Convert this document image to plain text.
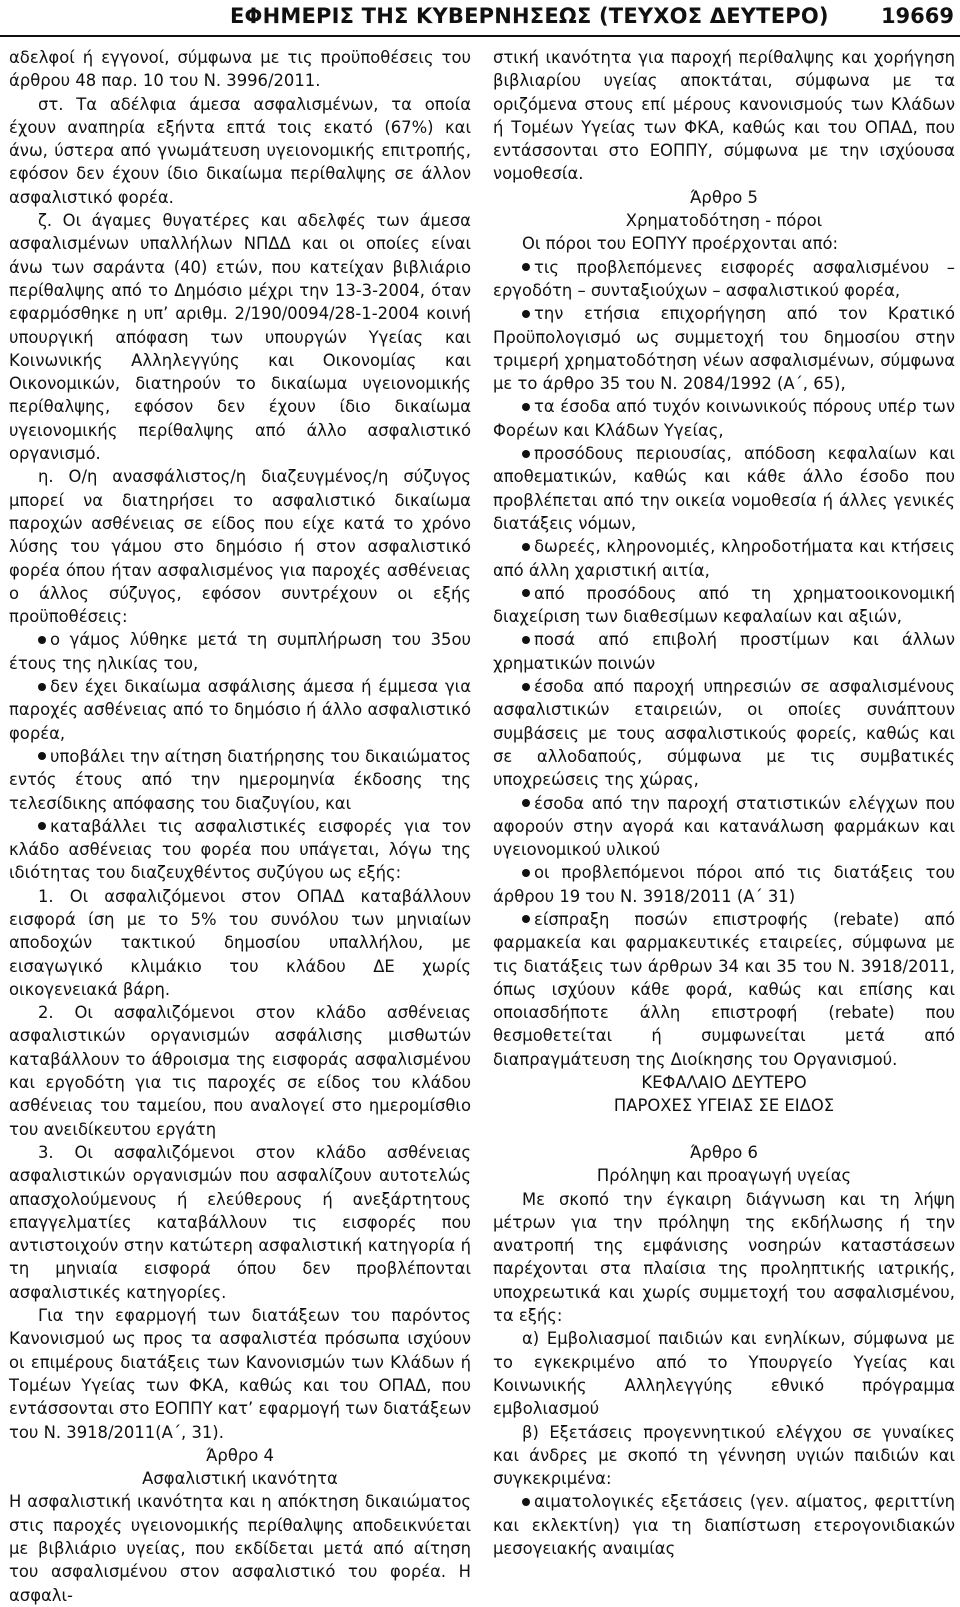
ΕΦΗΜΕΡΙΣ ΤΗΣ ΚΥΒΕΡΝΗΣΕΩΣ (ΤΕΥΧΟΣ ΔΕΥΤΕΡΟ) 19669

αδελφοί ή εγγονοί, σύμφωνα με τις προϋποθέσεις του άρθρου 48 παρ. 10 του Ν. 3996/2011.

στ. Τα αδέλφια άμεσα ασφαλισμένων, τα οποία έχουν αναπηρία εξήντα επτά τοις εκατό (67%) και άνω, ύστερα από γνωμάτευση υγειονομικής επιτροπής, εφόσον δεν έχουν ίδιο δικαίωμα περίθαλψης σε άλλον ασφαλιστικό φορέα.

ζ. Οι άγαμες θυγατέρες και αδελφές των άμεσα ασφαλισμένων υπαλλήλων ΝΠΔΔ και οι οποίες είναι άνω των σαράντα (40) ετών, που κατείχαν βιβλιάριο περίθαλψης από το Δημόσιο μέχρι την 13-3-2004, όταν εφαρμόσθηκε η υπ’ αριθμ. 2/190/0094/28-1-2004 κοινή υπουργική απόφαση των υπουργών Υγείας και Κοινωνικής Αλληλεγγύης και Οικονομίας και Οικονομικών, διατηρούν το δικαίωμα υγειονομικής περίθαλψης, εφόσον δεν έχουν ίδιο δικαίωμα υγειονομικής περίθαλψης από άλλο ασφαλιστικό οργανισμό.

η. Ο/η ανασφάλιστος/η διαζευγμένος/η σύζυγος μπορεί να διατηρήσει το ασφαλιστικό δικαίωμα παροχών ασθένειας σε είδος που είχε κατά το χρόνο λύσης του γάμου στο δημόσιο ή στον ασφαλιστικό φορέα όπου ήταν ασφαλισμένος για παροχές ασθένειας ο άλλος σύζυγος, εφόσον συντρέχουν οι εξής προϋποθέσεις:

ο γάμος λύθηκε μετά τη συμπλήρωση του 35ου έτους της ηλικίας του,

δεν έχει δικαίωμα ασφάλισης άμεσα ή έμμεσα για παροχές ασθένειας από το δημόσιο ή άλλο ασφαλιστικό φορέα,

υποβάλει την αίτηση διατήρησης του δικαιώματος εντός έτους από την ημερομηνία έκδοσης της τελεσίδικης απόφασης του διαζυγίου, και

καταβάλλει τις ασφαλιστικές εισφορές για τον κλάδο ασθένειας του φορέα που υπάγεται, λόγω της ιδιότητας του διαζευχθέντος συζύγου ως εξής:

1. Οι ασφαλιζόμενοι στον ΟΠΑΔ καταβάλλουν εισφορά ίση με το 5% του συνόλου των μηνιαίων αποδοχών τακτικού δημοσίου υπαλλήλου, με εισαγωγικό κλιμάκιο του κλάδου ΔΕ χωρίς οικογενειακά βάρη.

2. Οι ασφαλιζόμενοι στον κλάδο ασθένειας ασφαλιστικών οργανισμών ασφάλισης μισθωτών καταβάλλουν το άθροισμα της εισφοράς ασφαλισμένου και εργοδότη για τις παροχές σε είδος του κλάδου ασθένειας του ταμείου, που αναλογεί στο ημερομίσθιο του ανειδίκευτου εργάτη

3. Οι ασφαλιζόμενοι στον κλάδο ασθένειας ασφαλιστικών οργανισμών που ασφαλίζουν αυτοτελώς απασχολούμενους ή ελεύθερους ή ανεξάρτητους επαγγελματίες καταβάλλουν τις εισφορές που αντιστοιχούν στην κατώτερη ασφαλιστική κατηγορία ή τη μηνιαία εισφορά όπου δεν προβλέπονται ασφαλιστικές κατηγορίες.

Για την εφαρμογή των διατάξεων του παρόντος Κανονισμού ως προς τα ασφαλιστέα πρόσωπα ισχύουν οι επιμέρους διατάξεις των Κανονισμών των Κλάδων ή Τομέων Υγείας των ΦΚΑ, καθώς και του ΟΠΑΔ, που εντάσσονται στο ΕΟΠΠΥ κατ’ εφαρμογή των διατάξεων του Ν. 3918/2011(Α΄, 31).

Άρθρο 4

Ασφαλιστική ικανότητα

Η ασφαλιστική ικανότητα και η απόκτηση δικαιώματος στις παροχές υγειονομικής περίθαλψης αποδεικνύεται με βιβλιάριο υγείας, που εκδίδεται μετά από αίτηση του ασφαλισμένου στον ασφαλιστικό του φορέα. Η ασφαλι-

στική ικανότητα για παροχή περίθαλψης και χορήγηση βιβλιαρίου υγείας αποκτάται, σύμφωνα με τα οριζόμενα στους επί μέρους κανονισμούς των Κλάδων ή Τομέων Υγείας των ΦΚΑ, καθώς και του ΟΠΑΔ, που εντάσσονται στο ΕΟΠΠΥ, σύμφωνα με την ισχύουσα νομοθεσία.

Άρθρο 5

Χρηματοδότηση - πόροι

Οι πόροι του ΕΟΠΥΥ προέρχονται από:

τις προβλεπόμενες εισφορές ασφαλισμένου – εργοδότη – συνταξιούχων – ασφαλιστικού φορέα,

την ετήσια επιχορήγηση από τον Κρατικό Προϋπολογισμό ως συμμετοχή του δημοσίου στην τριμερή χρηματοδότηση νέων ασφαλισμένων, σύμφωνα με το άρθρο 35 του Ν. 2084/1992 (Α΄, 65),

τα έσοδα από τυχόν κοινωνικούς πόρους υπέρ των Φορέων και Κλάδων Υγείας,

προσόδους περιουσίας, απόδοση κεφαλαίων και αποθεματικών, καθώς και κάθε άλλο έσοδο που προβλέπεται από την οικεία νομοθεσία ή άλλες γενικές διατάξεις νόμων,

δωρεές, κληρονομιές, κληροδοτήματα και κτήσεις από άλλη χαριστική αιτία,

από προσόδους από τη χρηματοοικονομική διαχείριση των διαθεσίμων κεφαλαίων και αξιών,

ποσά από επιβολή προστίμων και άλλων χρηματικών ποινών

έσοδα από παροχή υπηρεσιών σε ασφαλισμένους ασφαλιστικών εταιρειών, οι οποίες συνάπτουν συμβάσεις με τους ασφαλιστικούς φορείς, καθώς και σε αλλοδαπούς, σύμφωνα με τις συμβατικές υποχρεώσεις της χώρας,

έσοδα από την παροχή στατιστικών ελέγχων που αφορούν στην αγορά και κατανάλωση φαρμάκων και υγειονομικού υλικού

οι προβλεπόμενοι πόροι από τις διατάξεις του άρθρου 19 του Ν. 3918/2011 (Α΄ 31)

είσπραξη ποσών επιστροφής (rebate) από φαρμακεία και φαρμακευτικές εταιρείες, σύμφωνα με τις διατάξεις των άρθρων 34 και 35 του Ν. 3918/2011, όπως ισχύουν κάθε φορά, καθώς και επίσης και οποιασδήποτε άλλη επιστροφή (rebate) που θεσμοθετείται ή συμφωνείται μετά από διαπραγμάτευση της Διοίκησης του Οργανισμού.

ΚΕΦΑΛΑΙΟ ΔΕΥΤΕΡΟ

ΠΑΡΟΧΕΣ ΥΓΕΙΑΣ ΣΕ ΕΙΔΟΣ

Άρθρο 6

Πρόληψη και προαγωγή υγείας

Με σκοπό την έγκαιρη διάγνωση και τη λήψη μέτρων για την πρόληψη της εκδήλωσης ή την ανατροπή της εμφάνισης νοσηρών καταστάσεων παρέχονται στα πλαίσια της προληπτικής ιατρικής, υποχρεωτικά και χωρίς συμμετοχή του ασφαλισμένου, τα εξής:

α) Εμβολιασμοί παιδιών και ενηλίκων, σύμφωνα με το εγκεκριμένο από το Υπουργείο Υγείας και Κοινωνικής Αλληλεγγύης εθνικό πρόγραμμα εμβολιασμού

β) Εξετάσεις προγεννητικού ελέγχου σε γυναίκες και άνδρες με σκοπό τη γέννηση υγιών παιδιών και συγκεκριμένα:

αιματολογικές εξετάσεις (γεν. αίματος, φεριττίνη και εκλεκτίνη) για τη διαπίστωση ετερογονιδιακών μεσογειακής αναιμίας
